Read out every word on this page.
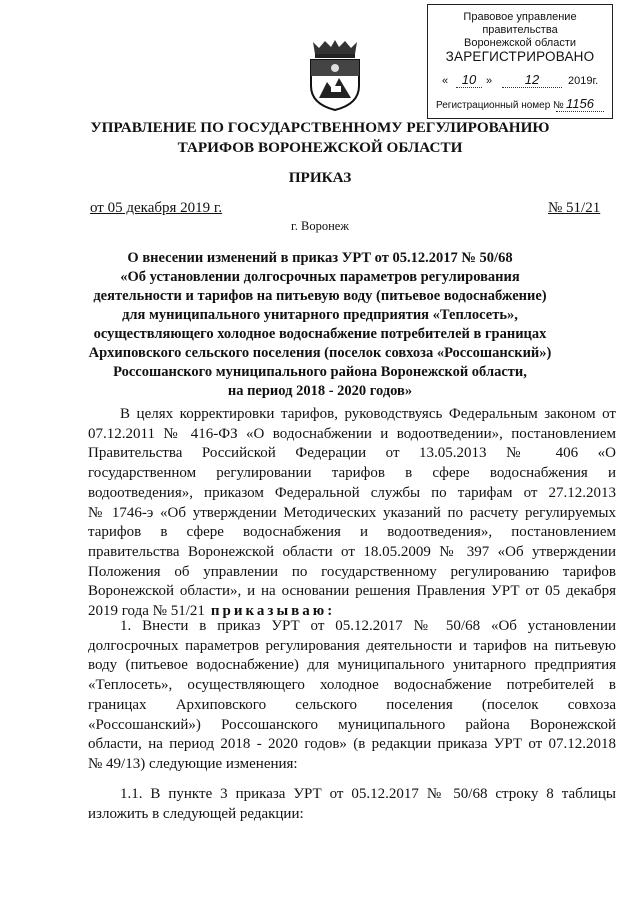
Правовое управление правительства
Воронежской области
ЗАРЕГИСТРИРОВАНО
«	10 »	12	2019г.
Регистрационный номер № 1156
УПРАВЛЕНИЕ ПО ГОСУДАРСТВЕННОМУ РЕГУЛИРОВАНИЮ
ТАРИФОВ ВОРОНЕЖСКОЙ ОБЛАСТИ
ПРИКАЗ
от 05 декабря 2019 г.	№ 51/21
г. Воронеж
О внесении изменений в приказ УРТ от 05.12.2017 № 50/68
«Об установлении долгосрочных параметров регулирования
деятельности и тарифов на питьевую воду (питьевое водоснабжение)
для муниципального унитарного предприятия «Теплосеть»,
осуществляющего холодное водоснабжение потребителей в границах
Архиповского сельского поселения (поселок совхоза «Россошанский»)
Россошанского муниципального района Воронежской области,
на период 2018 - 2020 годов»
В целях корректировки тарифов, руководствуясь Федеральным законом от
07.12.2011 № 416-ФЗ «О водоснабжении и водоотведении», постановлением
Правительства Российской Федерации от 13.05.2013 № 406 «О
государственном регулировании тарифов в сфере водоснабжения и
водоотведения», приказом Федеральной службы по тарифам от 27.12.2013
№ 1746-э «Об утверждении Методических указаний по расчету регулируемых
тарифов в сфере водоснабжения и водоотведения», постановлением
правительства Воронежской области от 18.05.2009 № 397 «Об утверждении
Положения об управлении по государственному регулированию тарифов
Воронежской области», и на основании решения Правления УРТ от 05 декабря
2019 года № 51/21 приказываю:
1. Внести в приказ УРТ от 05.12.2017 № 50/68 «Об установлении
долгосрочных параметров регулирования деятельности и тарифов на питьевую
воду (питьевое водоснабжение) для муниципального унитарного предприятия
«Теплосеть», осуществляющего холодное водоснабжение потребителей в
границах Архиповского сельского поселения (поселок совхоза
«Россошанский») Россошанского муниципального района Воронежской
области, на период 2018 - 2020 годов» (в редакции приказа УРТ от 07.12.2018
№ 49/13) следующие изменения:
1.1. В пункте 3 приказа УРТ от 05.12.2017 № 50/68 строку 8 таблицы
изложить в следующей редакции:
